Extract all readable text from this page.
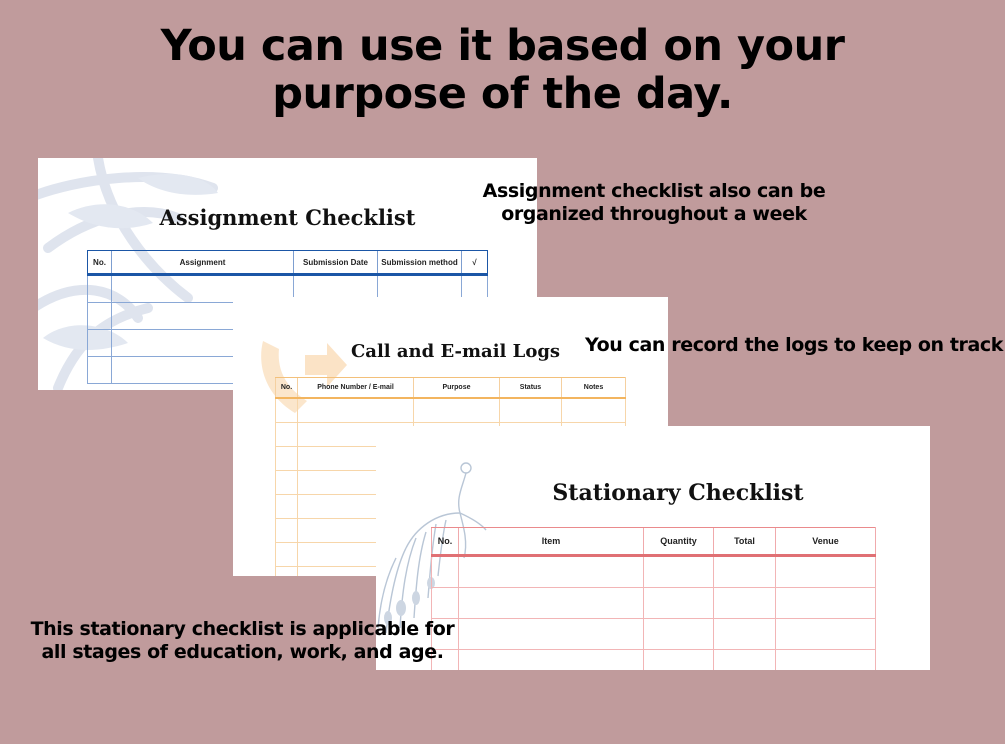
You can use it based on your purpose of the day.
Assignment Checklist
No.	Assignment	Submission Date	Submission method	√

Assignment checklist also can be organized throughout a week
Call and E-mail Logs
No.	Phone Number / E-mail	Purpose	Status	Notes

You can record the logs to keep on track
Stationary Checklist
No.	Item	Quantity	Total	Venue

This stationary checklist is applicable for all stages of education, work, and age.
